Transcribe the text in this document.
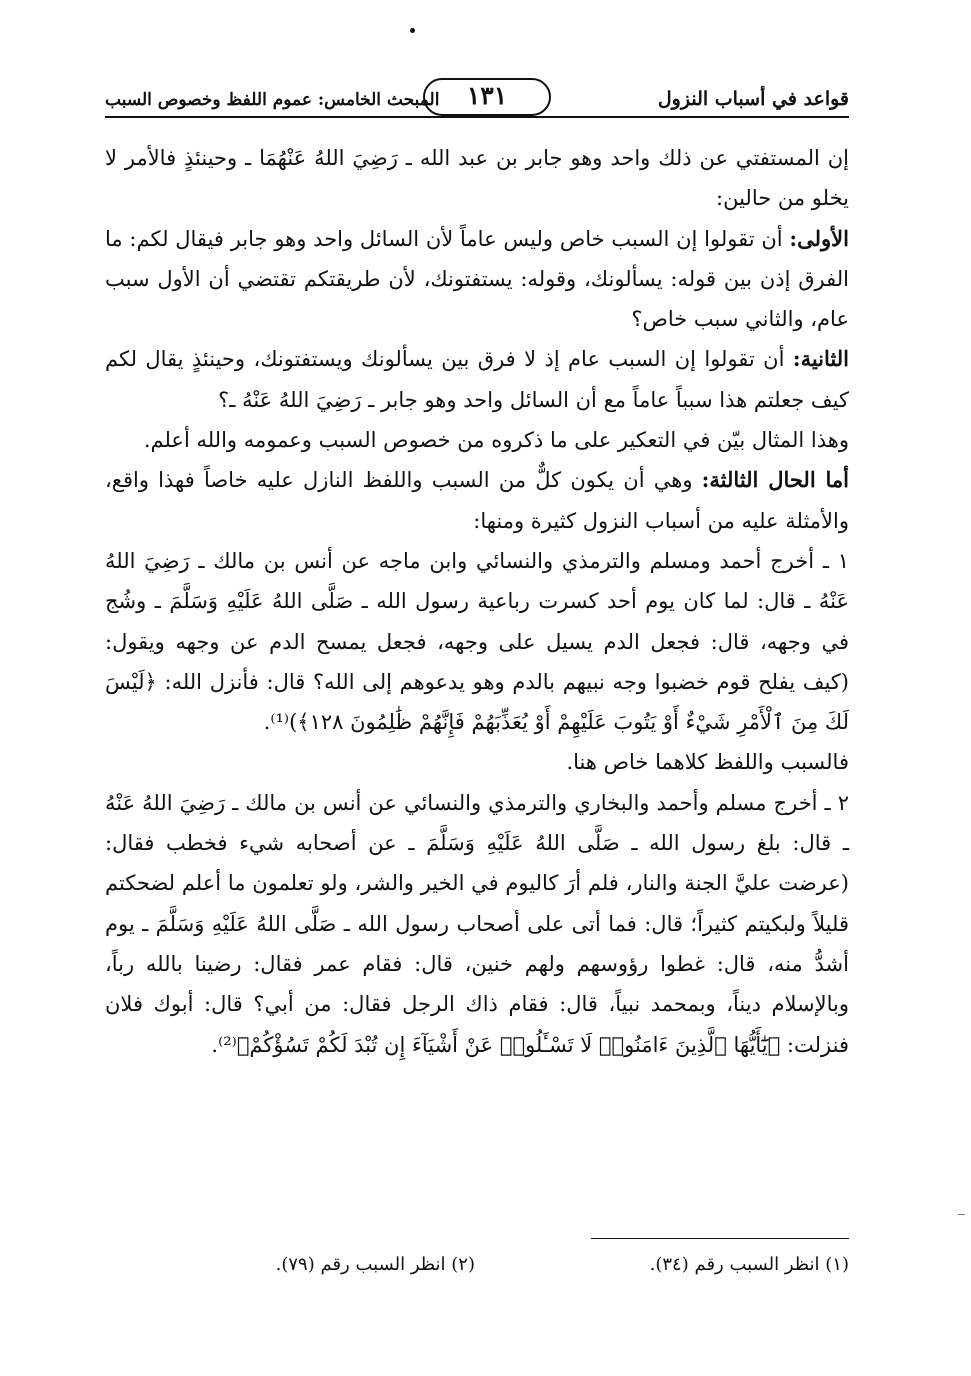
قواعد في أسباب النزول
١٣١
المبحث الخامس: عموم اللفظ وخصوص السبب

إن المستفتي عن ذلك واحد وهو جابر بن عبد الله ـ رَضِيَ اللهُ عَنْهُمَا ـ وحينئذٍ فالأمر لا يخلو من حالين:

الأولى: أن تقولوا إن السبب خاص وليس عاماً لأن السائل واحد وهو جابر فيقال لكم: ما الفرق إذن بين قوله: يسألونك، وقوله: يستفتونك، لأن طريقتكم تقتضي أن الأول سبب عام، والثاني سبب خاص؟

الثانية: أن تقولوا إن السبب عام إذ لا فرق بين يسألونك ويستفتونك، وحينئذٍ يقال لكم كيف جعلتم هذا سبباً عاماً مع أن السائل واحد وهو جابر ـ رَضِيَ اللهُ عَنْهُ ـ؟

وهذا المثال بيّن في التعكير على ما ذكروه من خصوص السبب وعمومه والله أعلم.

أما الحال الثالثة: وهي أن يكون كلٌّ من السبب واللفظ النازل عليه خاصاً فهذا واقع، والأمثلة عليه من أسباب النزول كثيرة ومنها:

١ ـ أخرج أحمد ومسلم والترمذي والنسائي وابن ماجه عن أنس بن مالك ـ رَضِيَ اللهُ عَنْهُ ـ قال: لما كان يوم أحد كسرت رباعية رسول الله ـ صَلَّى اللهُ عَلَيْهِ وَسَلَّمَ ـ وشُج في وجهه، قال: فجعل الدم يسيل على وجهه، فجعل يمسح الدم عن وجهه ويقول: (كيف يفلح قوم خضبوا وجه نبيهم بالدم وهو يدعوهم إلى الله؟ قال: فأنزل الله: ﴿لَيْسَ لَكَ مِنَ ٱلْأَمْرِ شَيْءٌ أَوْ يَتُوبَ عَلَيْهِمْ أَوْ يُعَذِّبَهُمْ فَإِنَّهُمْ ظَٰلِمُونَ ١٢٨﴾)⁽¹⁾.

فالسبب واللفظ كلاهما خاص هنا.

٢ ـ أخرج مسلم وأحمد والبخاري والترمذي والنسائي عن أنس بن مالك ـ رَضِيَ اللهُ عَنْهُ ـ قال: بلغ رسول الله ـ صَلَّى اللهُ عَلَيْهِ وَسَلَّمَ ـ عن أصحابه شيء فخطب فقال: (عرضت عليَّ الجنة والنار، فلم أرَ كاليوم في الخير والشر، ولو تعلمون ما أعلم لضحكتم قليلاً ولبكيتم كثيراً؛ قال: فما أتى على أصحاب رسول الله ـ صَلَّى اللهُ عَلَيْهِ وَسَلَّمَ ـ يوم أشدُّ منه، قال: غطوا رؤوسهم ولهم خنين، قال: فقام عمر فقال: رضينا بالله رباً، وبالإسلام ديناً، وبمحمد نبياً، قال: فقام ذاك الرجل فقال: من أبي؟ قال: أبوك فلان فنزلت: ﴿يَٰٓأَيُّهَا ٱلَّذِينَ ءَامَنُوا۟ لَا تَسْـَٔلُوا۟ عَنْ أَشْيَآءَ إِن تُبْدَ لَكُمْ تَسُؤْكُمْ﴾⁽²⁾.

(١) انظر السبب رقم (٣٤).
(٢) انظر السبب رقم (٧٩).
